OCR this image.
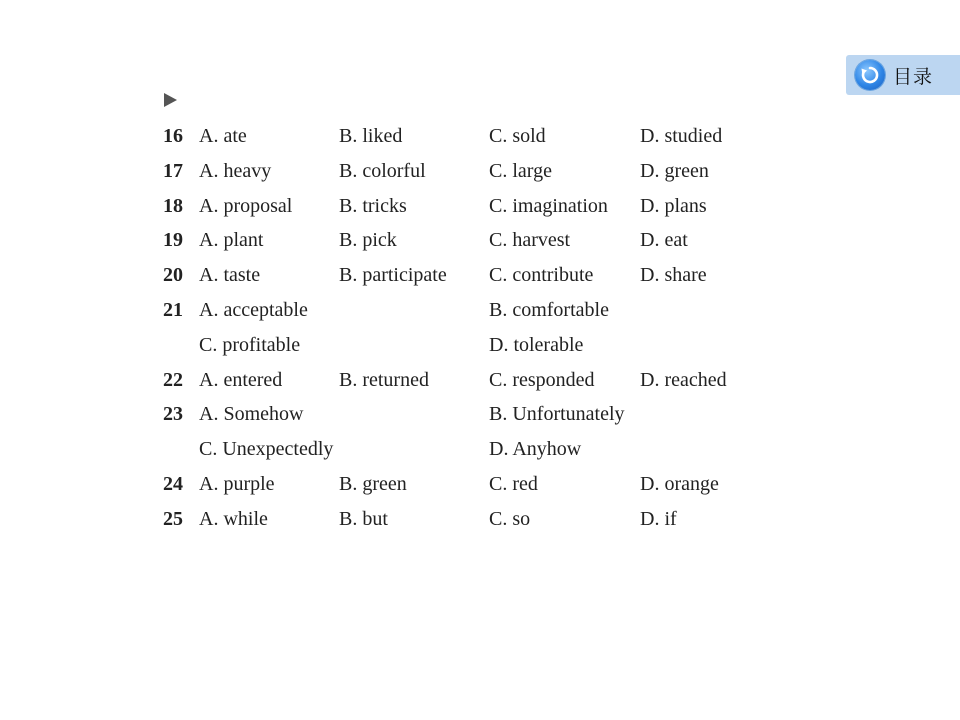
目录
16 A. ate	B. liked	C. sold	D. studied
17 A. heavy	B. colorful	C. large	D. green
18 A. proposal B. tricks	C. imagination D. plans
19 A. plant	B. pick	C. harvest	D. eat
20 A. taste	B. participate C. contribute D. share
21 A. acceptable	B. comfortable
C. profitable	D. tolerable
22 A. entered	B. returned	C. responded D. reached
23 A. Somehow	B. Unfortunately
C. Unexpectedly	D. Anyhow
24 A. purple	B. green	C. red	D. orange
25 A. while	B. but	C. so	D. if
